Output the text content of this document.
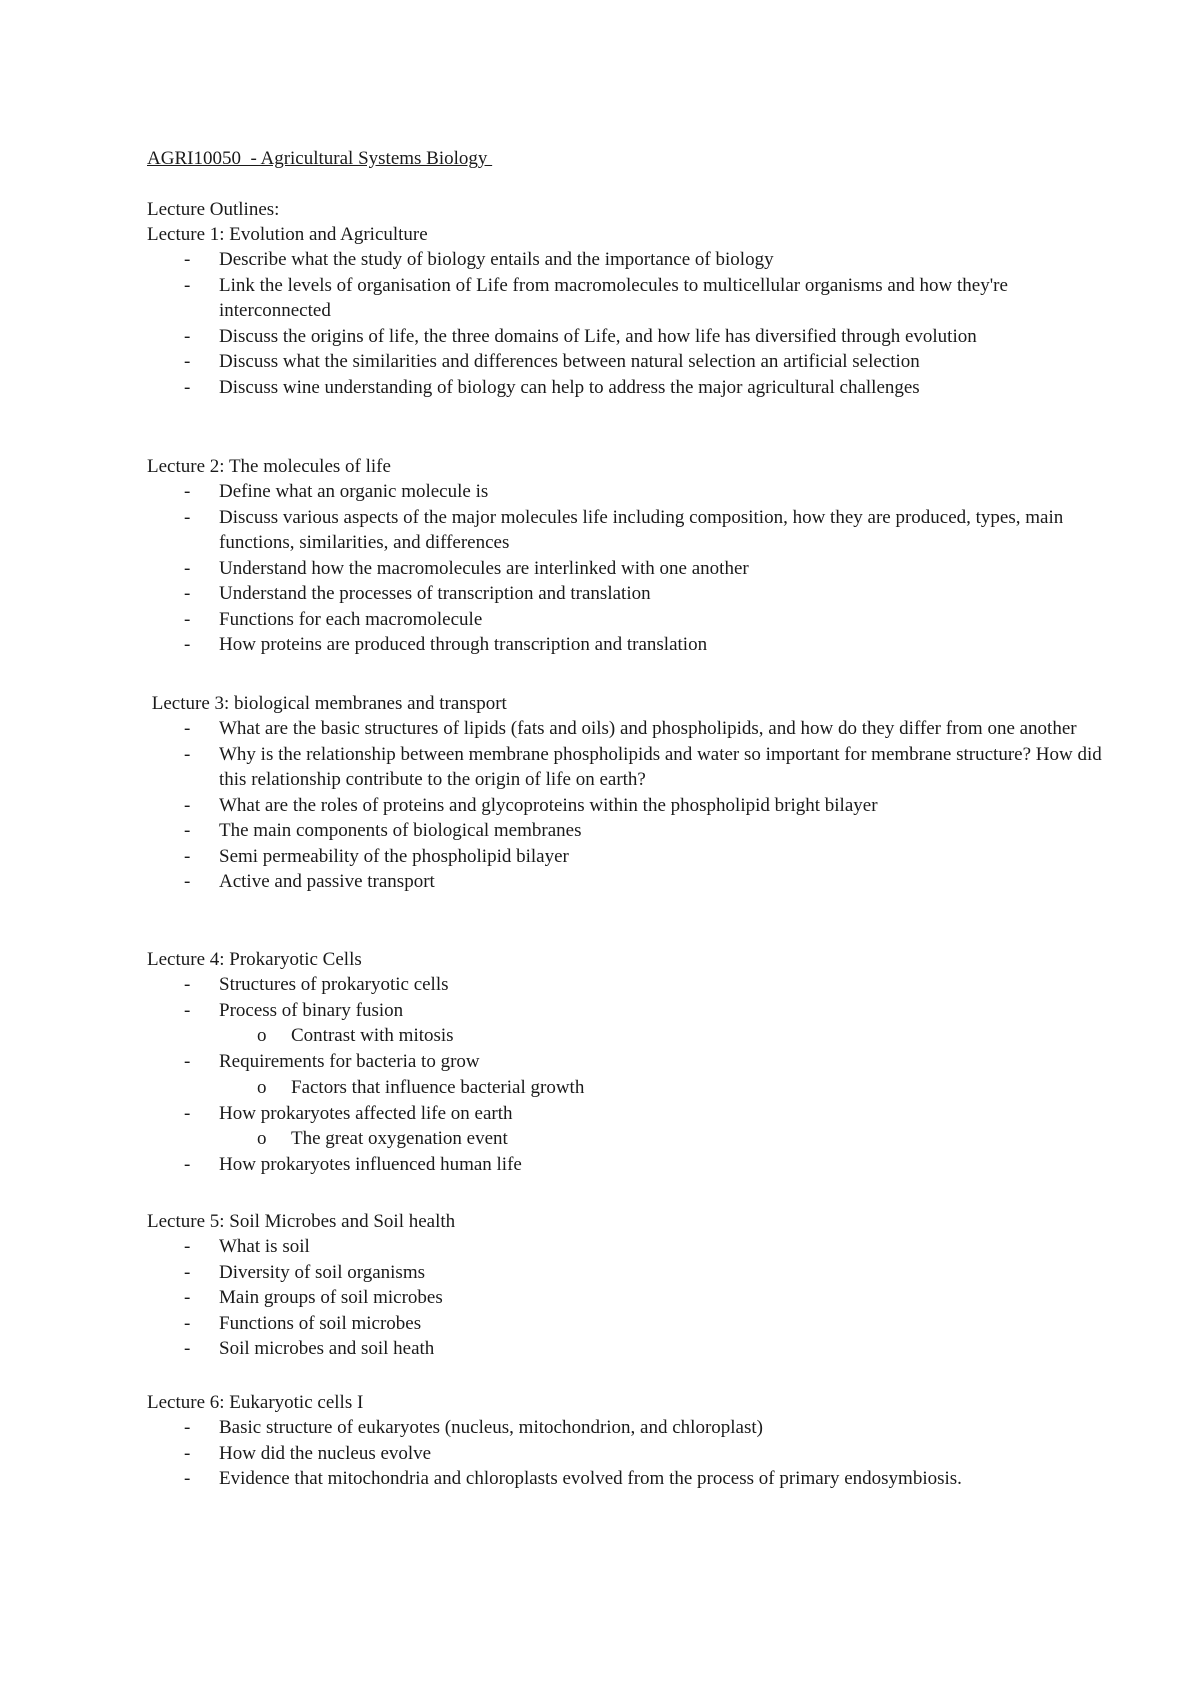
AGRI10050  - Agricultural Systems Biology
Lecture Outlines:
Lecture 1: Evolution and Agriculture
- Describe what the study of biology entails and the importance of biology
- Link the levels of organisation of Life from macromolecules to multicellular organisms and how they're interconnected
- Discuss the origins of life, the three domains of Life, and how life has diversified through evolution
- Discuss what the similarities and differences between natural selection an artificial selection
- Discuss wine understanding of biology can help to address the major agricultural challenges
Lecture 2: The molecules of life
- Define what an organic molecule is
- Discuss various aspects of the major molecules life including composition, how they are produced, types, main functions, similarities, and differences
- Understand how the macromolecules are interlinked with one another
- Understand the processes of transcription and translation
- Functions for each macromolecule
- How proteins are produced through transcription and translation
Lecture 3: biological membranes and transport
- What are the basic structures of lipids (fats and oils) and phospholipids, and how do they differ from one another
- Why is the relationship between membrane phospholipids and water so important for membrane structure? How did this relationship contribute to the origin of life on earth?
- What are the roles of proteins and glycoproteins within the phospholipid bright bilayer
- The main components of biological membranes
- Semi permeability of the phospholipid bilayer
- Active and passive transport
Lecture 4: Prokaryotic Cells
- Structures of prokaryotic cells
- Process of binary fusion
o Contrast with mitosis
- Requirements for bacteria to grow
o Factors that influence bacterial growth
- How prokaryotes affected life on earth
o The great oxygenation event
- How prokaryotes influenced human life
Lecture 5: Soil Microbes and Soil health
- What is soil
- Diversity of soil organisms
- Main groups of soil microbes
- Functions of soil microbes
- Soil microbes and soil heath
Lecture 6: Eukaryotic cells I
- Basic structure of eukaryotes (nucleus, mitochondrion, and chloroplast)
- How did the nucleus evolve
- Evidence that mitochondria and chloroplasts evolved from the process of primary endosymbiosis.
